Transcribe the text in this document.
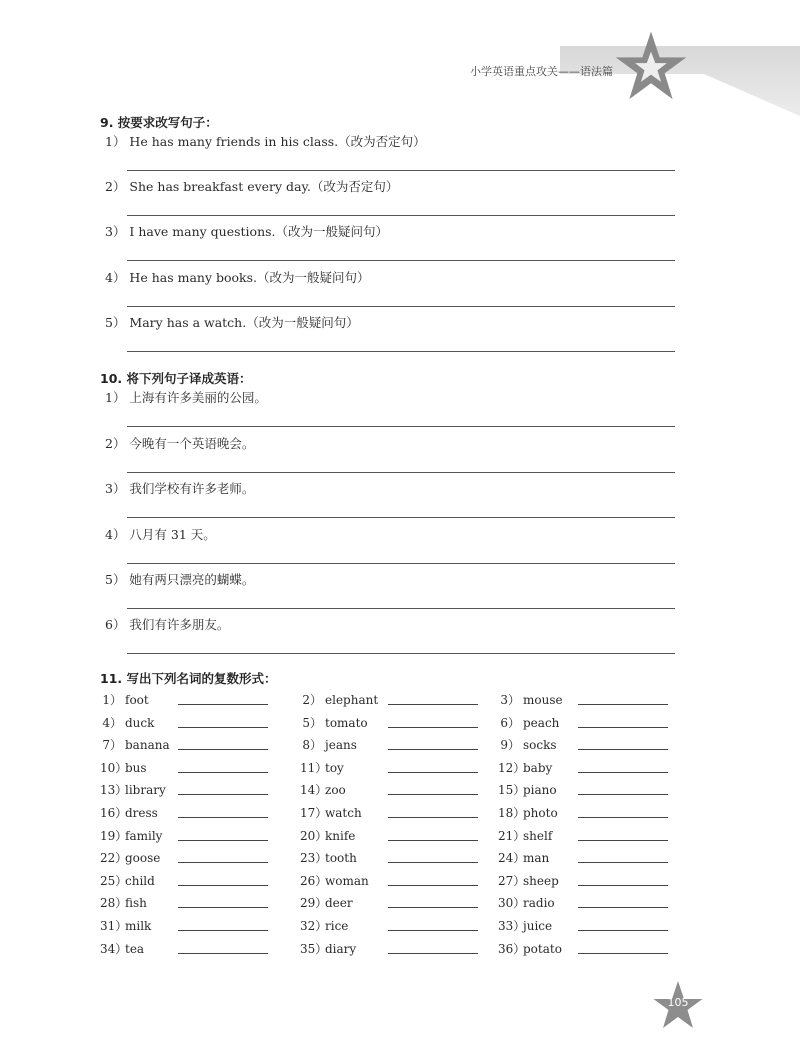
小学英语重点攻关——语法篇
9. 按要求改写句子：
1） He has many friends in his class.（改为否定句）
2） She has breakfast every day.（改为否定句）
3） I have many questions.（改为一般疑问句）
4） He has many books.（改为一般疑问句）
5） Mary has a watch.（改为一般疑问句）
10. 将下列句子译成英语：
1） 上海有许多美丽的公园。
2） 今晚有一个英语晚会。
3） 我们学校有许多老师。
4） 八月有 31 天。
5） 她有两只漂亮的蝴蝶。
6） 我们有许多朋友。
11. 写出下列名词的复数形式：
1） foot	2） elephant	3） mouse
4） duck	5） tomato	6） peach
7） banana	8） jeans	9） socks
10）bus	11）toy	12）baby
13）library	14）zoo	15）piano
16）dress	17）watch	18）photo
19）family	20）knife	21）shelf
22）goose	23）tooth	24）man
25）child	26）woman	27）sheep
28）fish	29）deer	30）radio
31）milk	32）rice	33）juice
34）tea	35）diary	36）potato
105
